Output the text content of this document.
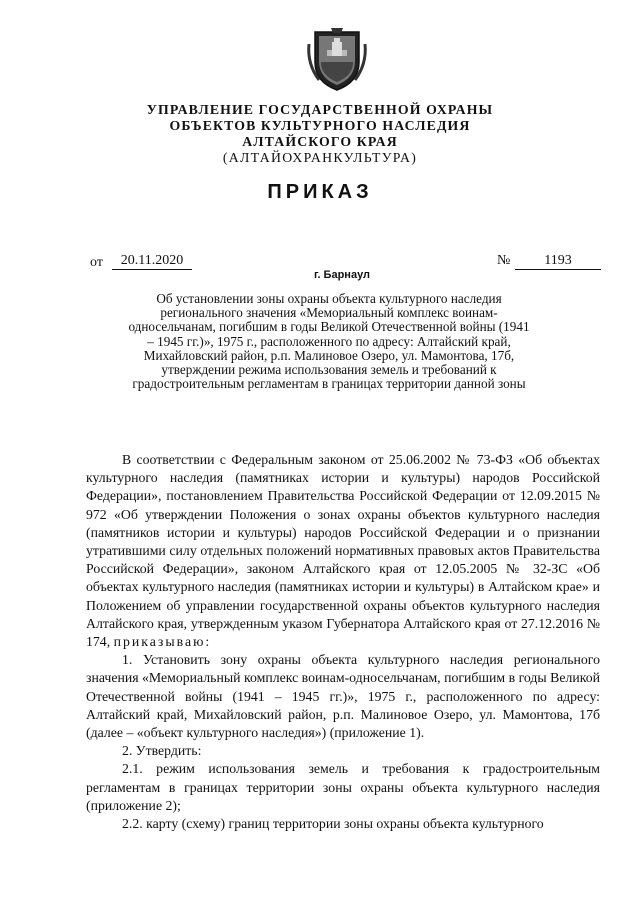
УПРАВЛЕНИЕ ГОСУДАРСТВЕННОЙ ОХРАНЫ
ОБЪЕКТОВ КУЛЬТУРНОГО НАСЛЕДИЯ
АЛТАЙСКОГО КРАЯ
(АЛТАЙОХРАНКУЛЬТУРА)
ПРИКАЗ
от	20.11.2020	№	1193
г. Барнаул
Об установлении зоны охраны объекта культурного наследия регионального значения «Мемориальный комплекс воинам-односельчанам, погибшим в годы Великой Отечественной войны (1941 – 1945 гг.)», 1975 г., расположенного по адресу: Алтайский край, Михайловский район, р.п. Малиновое Озеро, ул. Мамонтова, 17б, утверждении режима использования земель и требований к градостроительным регламентам в границах территории данной зоны

В соответствии с Федеральным законом от 25.06.2002 № 73-ФЗ «Об объектах культурного наследия (памятниках истории и культуры) народов Российской Федерации», постановлением Правительства Российской Федерации от 12.09.2015 № 972 «Об утверждении Положения о зонах охраны объектов культурного наследия (памятников истории и культуры) народов Российской Федерации и о признании утратившими силу отдельных положений нормативных правовых актов Правительства Российской Федерации», законом Алтайского края от 12.05.2005 № 32-ЗС «Об объектах культурного наследия (памятниках истории и культуры) в Алтайском крае» и Положением об управлении государственной охраны объектов культурного наследия Алтайского края, утвержденным указом Губернатора Алтайского края от 27.12.2016 № 174, приказываю:

1. Установить зону охраны объекта культурного наследия регионального значения «Мемориальный комплекс воинам-односельчанам, погибшим в годы Великой Отечественной войны (1941 – 1945 гг.)», 1975 г., расположенного по адресу: Алтайский край, Михайловский район, р.п. Малиновое Озеро, ул. Мамонтова, 17б (далее – «объект культурного наследия») (приложение 1).

2. Утвердить:

2.1. режим использования земель и требования к градостроительным регламентам в границах территории зоны охраны объекта культурного наследия (приложение 2);

2.2. карту (схему) границ территории зоны охраны объекта культурного
